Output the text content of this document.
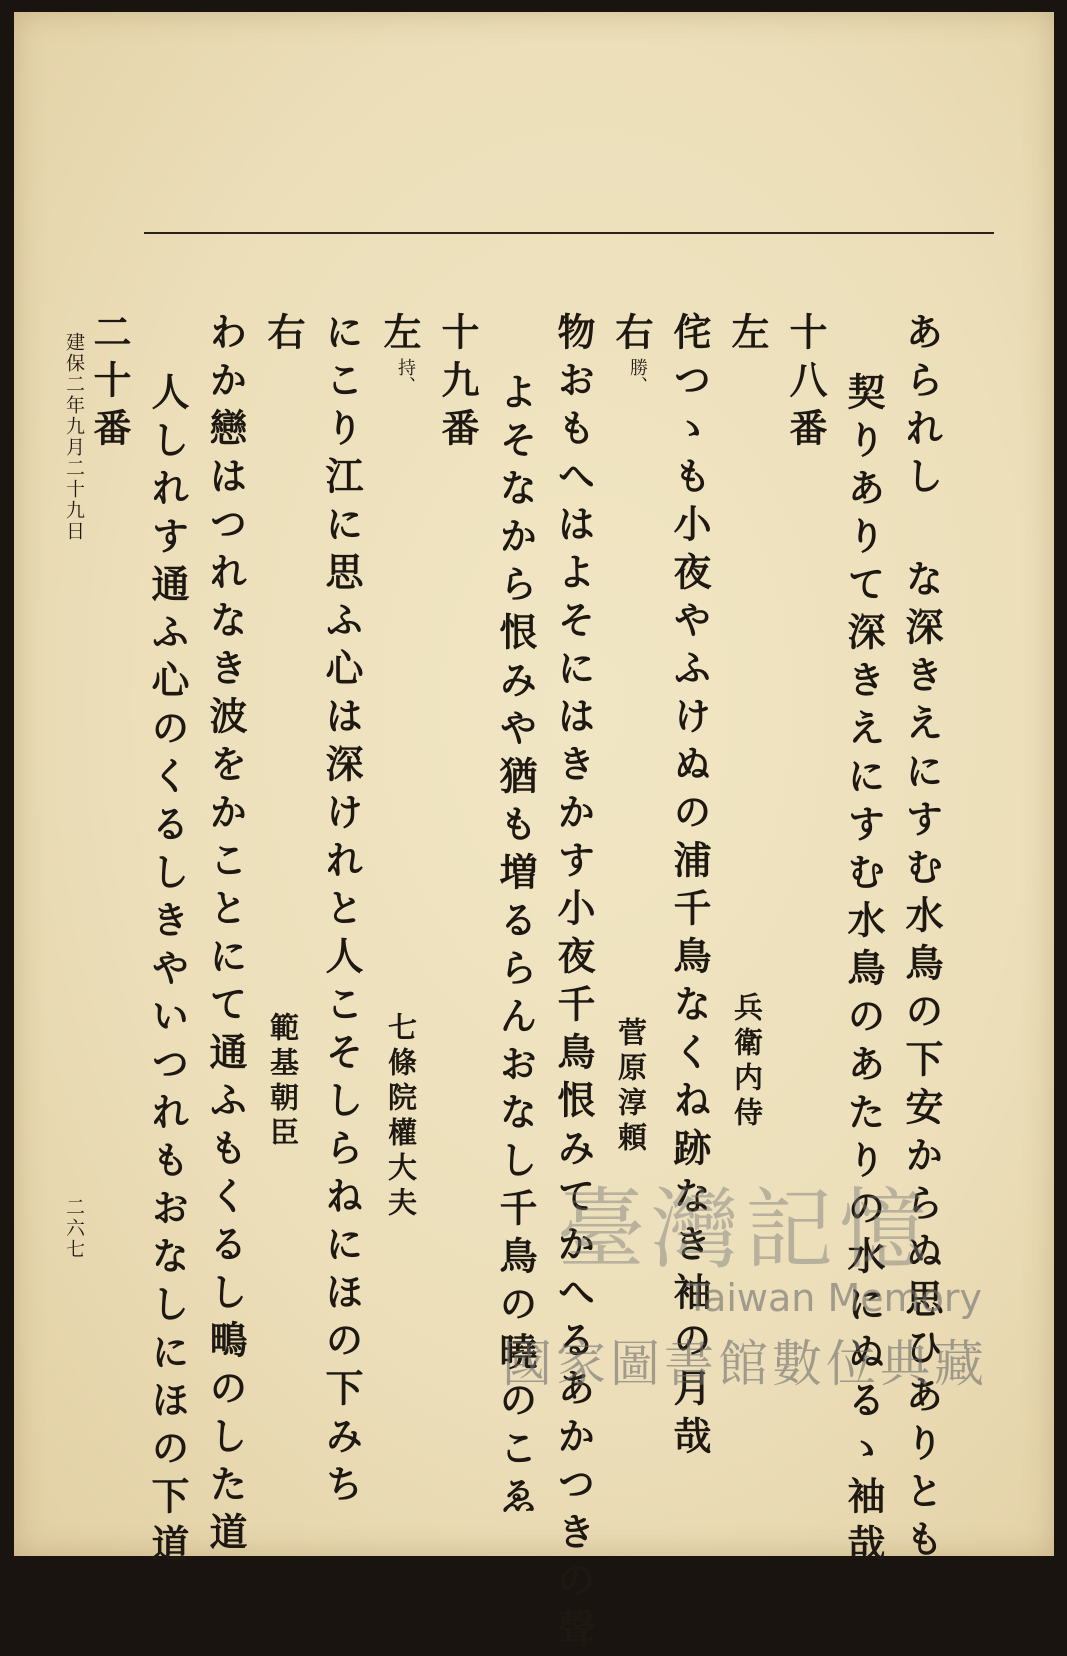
あられし な深きえにすむ水鳥の下安からぬ思ひありとも
契りありて深きえにすむ水鳥のあたりの水にぬるゝ袖哉
十八番
左
兵衛内侍
侘つゝも小夜やふけぬの浦千鳥なくね跡なき袖の月哉
右
勝、
菅原淳頼
物おもへはよそにはきかす小夜千鳥恨みてかへるあかつきの聲
よそなから恨みや猶も増るらんおなし千鳥の曉のこゑ
十九番
左
持、
七條院權大夫
にこり江に思ふ心は深けれと人こそしらねにほの下みち
右
範基朝臣
わか戀はつれなき波をかことにて通ふもくるし鴫のした道
人しれす通ふ心のくるしきやいつれもおなしにほの下道
二十番
建保二年九月二十九日
二六七	臺灣記憶
Taiwan Memory
國家圖書館數位典藏
